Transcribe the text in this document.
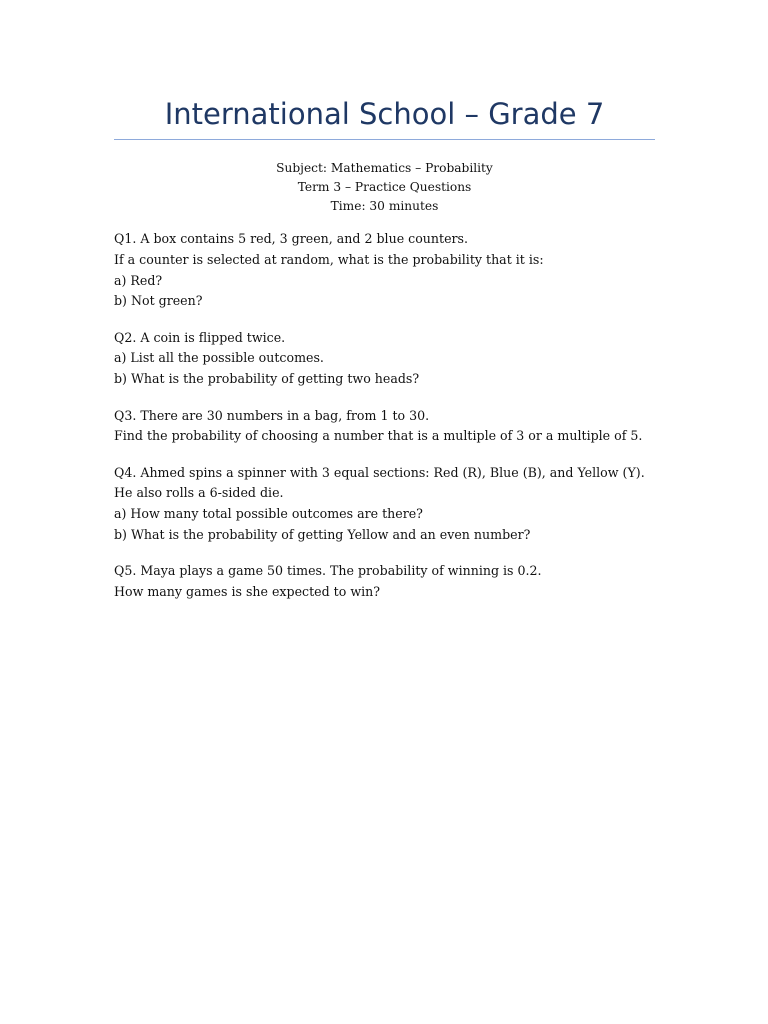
International School – Grade 7
Subject: Mathematics – Probability
Term 3 – Practice Questions
Time: 30 minutes
Q1. A box contains 5 red, 3 green, and 2 blue counters.
If a counter is selected at random, what is the probability that it is:
a) Red?
b) Not green?
Q2. A coin is flipped twice.
a) List all the possible outcomes.
b) What is the probability of getting two heads?
Q3. There are 30 numbers in a bag, from 1 to 30.
Find the probability of choosing a number that is a multiple of 3 or a multiple of 5.
Q4. Ahmed spins a spinner with 3 equal sections: Red (R), Blue (B), and Yellow (Y).
He also rolls a 6-sided die.
a) How many total possible outcomes are there?
b) What is the probability of getting Yellow and an even number?
Q5. Maya plays a game 50 times. The probability of winning is 0.2.
How many games is she expected to win?
